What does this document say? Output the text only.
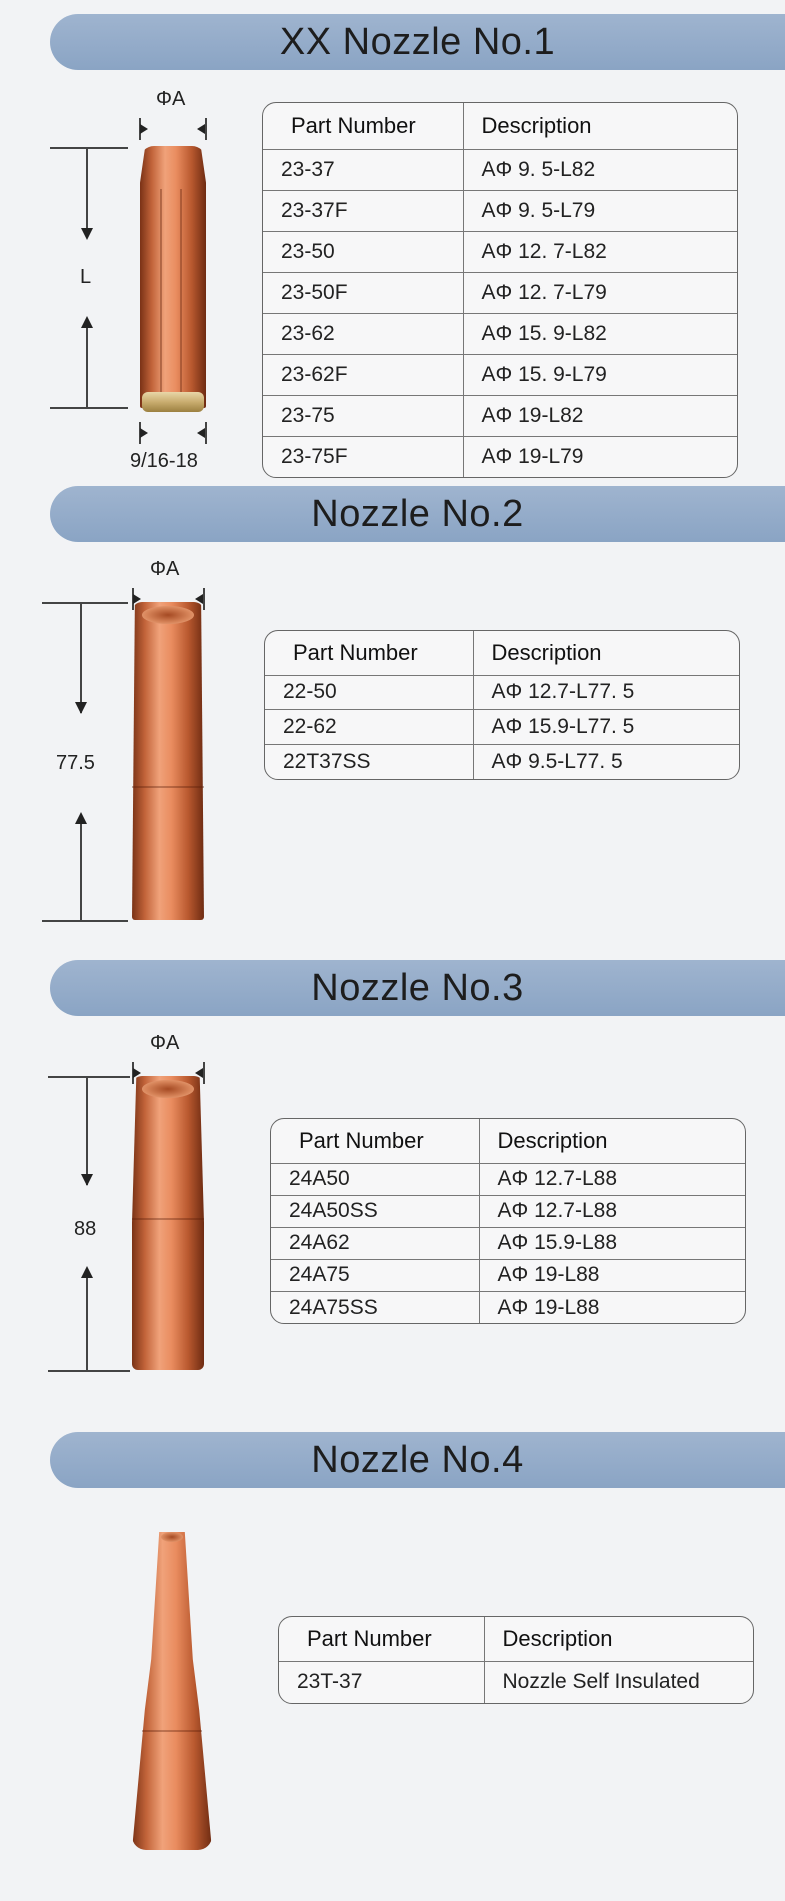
XX Nozzle No.1
ΦA
L
9/16-18
Part Number	Description
23-37	AΦ 9. 5-L82
23-37F	AΦ 9. 5-L79
23-50	AΦ 12. 7-L82
23-50F	AΦ 12. 7-L79
23-62	AΦ 15. 9-L82
23-62F	AΦ 15. 9-L79
23-75	AΦ 19-L82
23-75F	AΦ 19-L79
Nozzle No.2
ΦA
77.5
Part Number	Description
22-50	AΦ 12.7-L77. 5
22-62	AΦ 15.9-L77. 5
22T37SS	AΦ 9.5-L77. 5
Nozzle No.3
ΦA
88
Part Number	Description
24A50	AΦ 12.7-L88
24A50SS	AΦ 12.7-L88
24A62	AΦ 15.9-L88
24A75	AΦ 19-L88
24A75SS	AΦ 19-L88
Nozzle No.4
Part Number	Description
23T-37	Nozzle Self Insulated
